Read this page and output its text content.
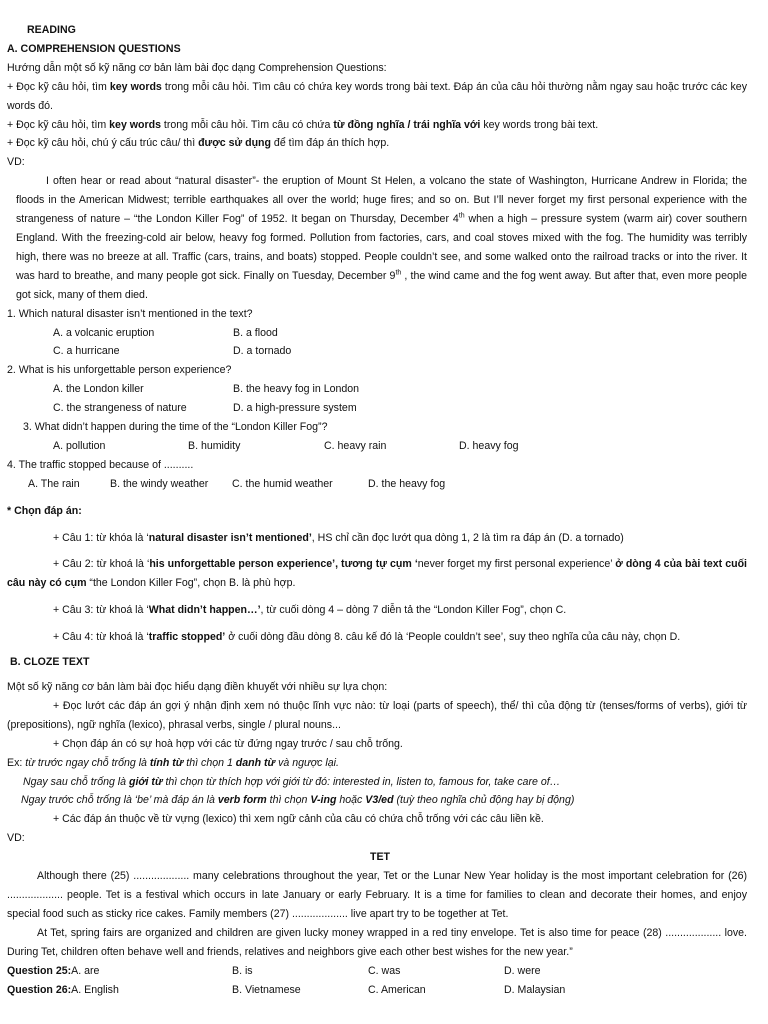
READING
A. COMPREHENSION QUESTIONS
Hướng dẫn một số kỹ năng cơ bản làm bài đọc dạng Comprehension Questions:
+ Đọc kỹ câu hỏi, tìm key words trong mỗi câu hỏi. Tìm câu có chứa key words trong bài text. Đáp án của câu hỏi thường nằm ngay sau hoặc trước các key words đó.
+ Đọc kỹ câu hỏi, tìm key words trong mỗi câu hỏi. Tìm câu có chứa từ đồng nghĩa / trái nghĩa với key words trong bài text.
+ Đọc kỹ câu hỏi, chú ý cấu trúc câu/ thì được sử dụng để tìm đáp án thích hợp.
VD:
I often hear or read about “natural disaster”- the eruption of Mount St Helen, a volcano the state of Washington, Hurricane Andrew in Florida; the floods in the American Midwest; terrible earthquakes all over the world; huge fires; and so on. But I’ll never forget my first personal experience with the strangeness of nature – “the London Killer Fog” of 1952. It began on Thursday, December 4th when a high – pressure system (warm air) cover southern England. With the freezing-cold air below, heavy fog formed. Pollution from factories, cars, and coal stoves mixed with the fog. The humidity was terribly high, there was no breeze at all. Traffic (cars, trains, and boats) stopped. People couldn’t see, and some walked onto the railroad tracks or into the river. It was hard to breathe, and many people got sick. Finally on Tuesday, December 9th , the wind came and the fog went away. But after that, even more people got sick, many of them died.
1. Which natural disaster isn’t mentioned in the text?
A. a volcanic eruption	B. a flood
C. a hurricane	D. a tornado
2. What is his unforgettable person experience?
A. the London killer	B. the heavy fog in London
C. the strangeness of nature	D. a high-pressure system
3. What didn’t happen during the time of the “London Killer Fog”?
A. pollution	B. humidity	C. heavy rain	D. heavy fog
4. The traffic stopped because of ..........
A. The rain	B. the windy weather	C. the humid weather	D. the heavy fog
* Chọn đáp án:
+ Câu 1: từ khóa là ‘natural disaster isn’t mentioned’, HS chỉ cần đọc lướt qua dòng 1, 2 là tìm ra đáp án (D. a tornado)
+ Câu 2: từ khoá là ‘his unforgettable person experience’, tương tự cụm ‘never forget my first personal experience’ ở dòng 4 của bài text cuối câu này có cụm “the London Killer Fog”, chọn B. là phù hợp.
+ Câu 3: từ khoá là ‘What didn’t happen…’, từ cuối dòng 4 – dòng 7 diễn tả the “London Killer Fog”, chọn C.
+ Câu 4: từ khoá là ‘traffic stopped’ ở cuối dòng đầu dòng 8. câu kế đó là ‘People couldn’t see’, suy theo nghĩa của câu này, chọn D.
B. CLOZE TEXT
Một số kỹ năng cơ bản làm bài đọc hiểu dạng điền khuyết với nhiều sự lựa chọn:
+ Đọc lướt các đáp án gợi ý nhận định xem nó thuộc lĩnh vực nào: từ loại (parts of speech), thể/ thì của động từ (tenses/forms of verbs), giới từ (prepositions), ngữ nghĩa (lexico), phrasal verbs, single / plural nouns...
+ Chọn đáp án có sự hoà hợp với các từ đứng ngay trước / sau chỗ trống.
Ex: từ trước ngay chỗ trống là tính từ thì chọn 1 danh từ và ngược lại.
Ngay sau chỗ trống là giới từ thì chọn từ thích hợp với giới từ đó: interested in, listen to, famous for, take care of…
Ngay trước chỗ trống là ‘be’ mà đáp án là verb form thì chọn V-ing hoặc V3/ed (tuỳ theo nghĩa chủ động hay bị động)
+ Các đáp án thuộc về từ vựng (lexico) thì xem ngữ cảnh của câu có chứa chỗ trống với các câu liền kề.
VD:
TET
Although there (25) ................... many celebrations throughout the year, Tet or the Lunar New Year holiday is the most important celebration for (26) ................... people. Tet is a festival which occurs in late January or early February. It is a time for families to clean and decorate their homes, and enjoy special food such as sticky rice cakes. Family members (27) ................... live apart try to be together at Tet.
At Tet, spring fairs are organized and children are given lucky money wrapped in a red tiny envelope. Tet is also time for peace (28) ................... love. During Tet, children often behave well and friends, relatives and neighbors give each other best wishes for the new year.”
Question 25:A. are	B. is	C. was	D. were
Question 26:A. English	B. Vietnamese	C. American	D. Malaysian
